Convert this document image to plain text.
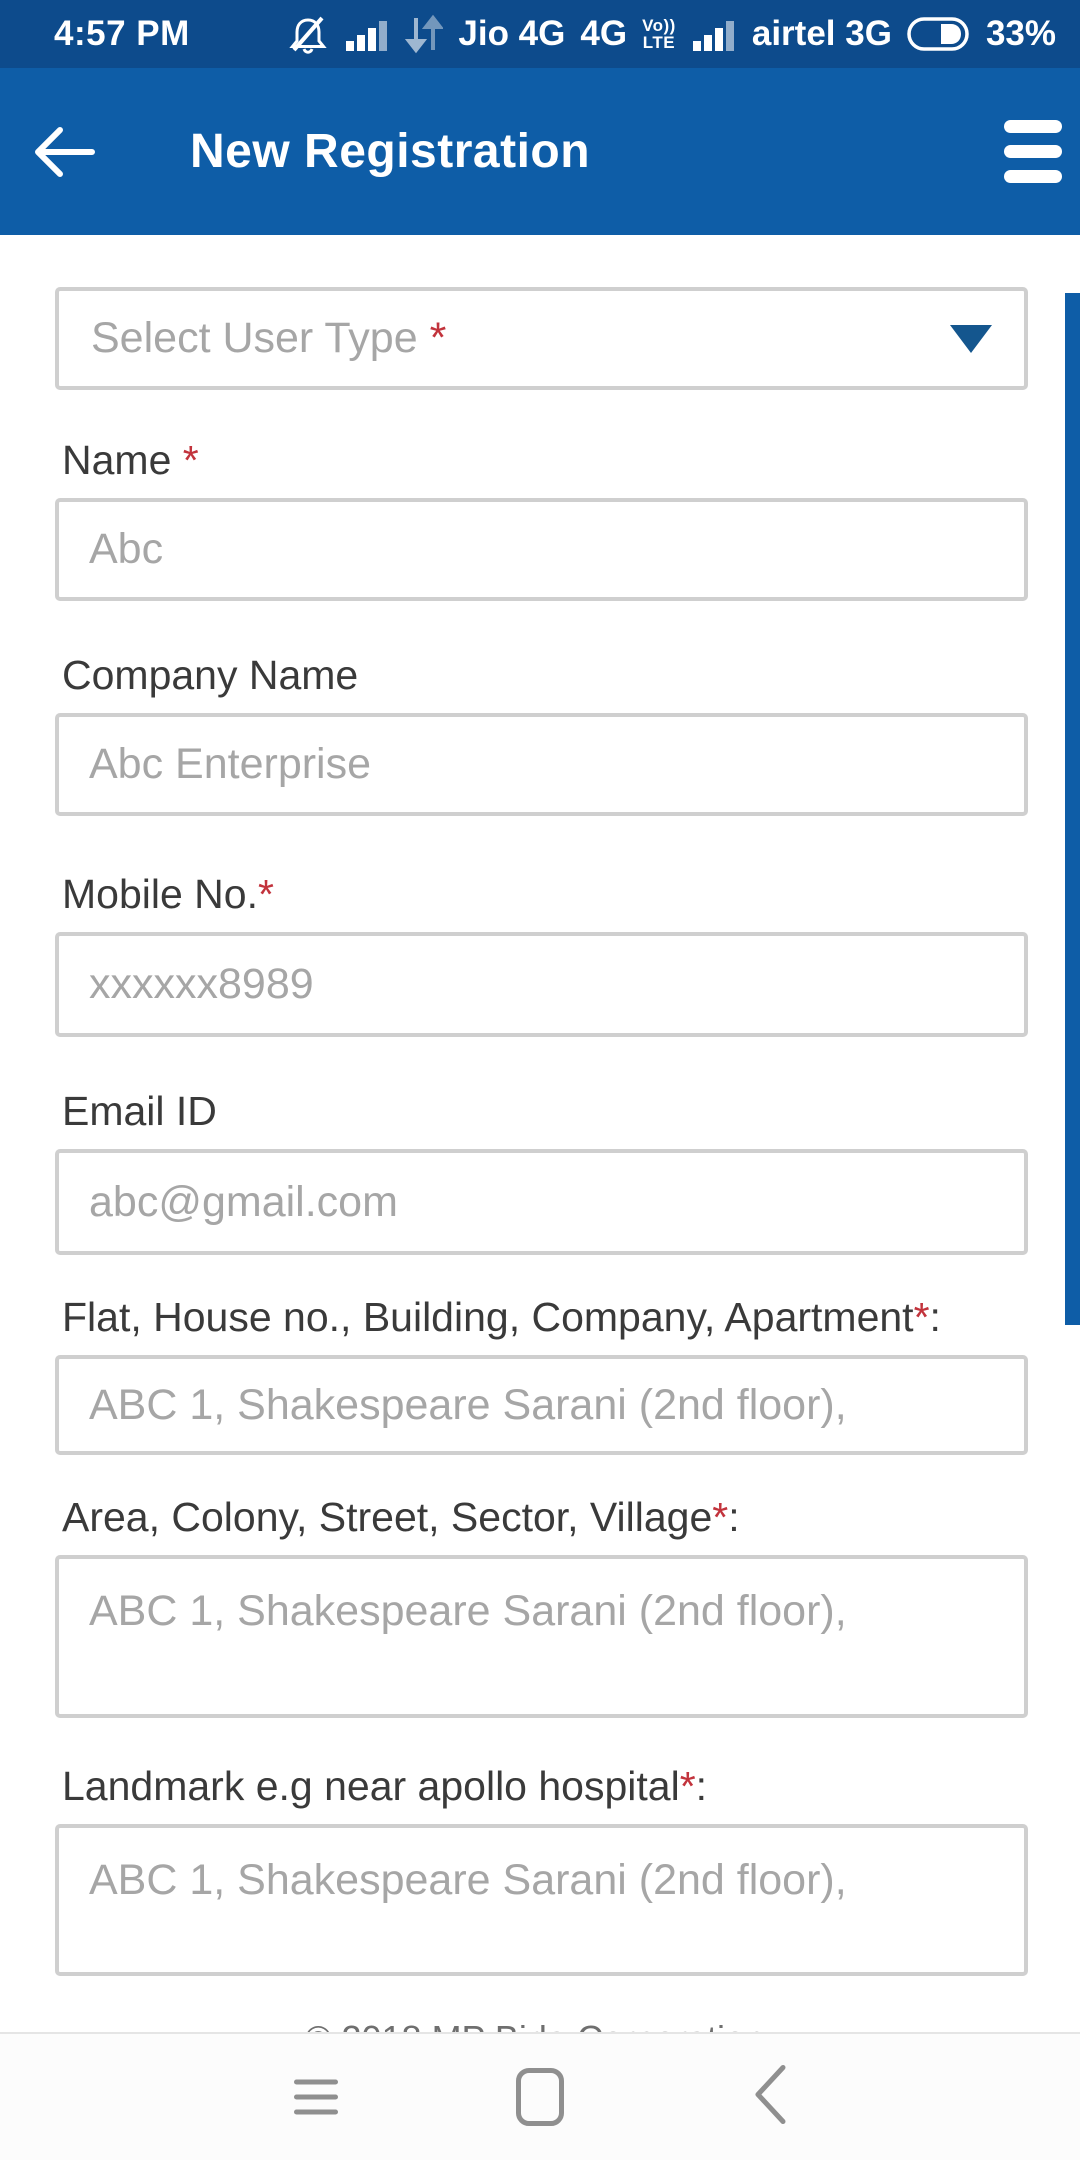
4:57 PM	Jio 4G 4G Vo))
LTE airtel 3G	33%
New Registration
Select User Type *
Name *
Abc
Company Name
Abc Enterprise
Mobile No.*
xxxxxx8989
Email ID
abc@gmail.com
Flat, House no., Building, Company, Apartment*:
ABC 1, Shakespeare Sarani (2nd floor),
Area, Colony, Street, Sector, Village*:
ABC 1, Shakespeare Sarani (2nd floor),
Landmark e.g near apollo hospital*:
ABC 1, Shakespeare Sarani (2nd floor),
